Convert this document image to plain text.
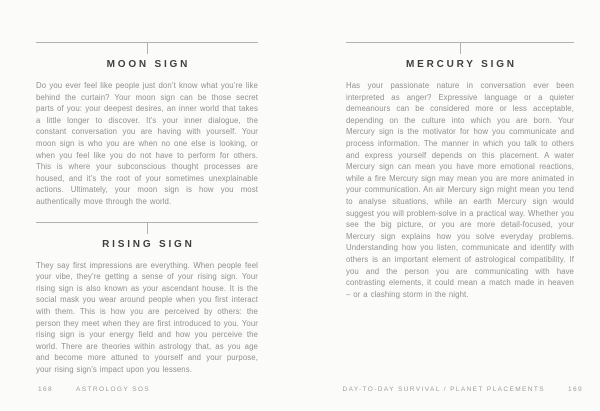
MOON SIGN

Do you ever feel like people just don’t know what you’re like behind the curtain? Your moon sign can be those secret parts of you: your deepest desires, an inner world that takes a little longer to discover. It’s your inner dialogue, the constant conversation you are having with yourself. Your moon sign is who you are when no one else is looking, or when you feel like you do not have to perform for others. This is where your subconscious thought processes are housed, and it’s the root of your sometimes unexplainable actions. Ultimately, your moon sign is how you most authentically move through the world.

RISING SIGN

They say first impressions are everything. When people feel your vibe, they’re getting a sense of your rising sign. Your rising sign is also known as your ascendant house. It is the social mask you wear around people when you first interact with them. This is how you are perceived by others: the person they meet when they are first introduced to you. Your rising sign is your energy field and how you perceive the world. There are theories within astrology that, as you age and become more attuned to yourself and your purpose, your rising sign’s impact upon you lessens.

MERCURY SIGN

Has your passionate nature in conversation ever been interpreted as anger? Expressive language or a quieter demeanours can be considered more or less acceptable, depending on the culture into which you are born. Your Mercury sign is the motivator for how you communicate and process information. The manner in which you talk to others and express yourself depends on this placement. A water Mercury sign can mean you have more emotional reactions, while a fire Mercury sign may mean you are more animated in your communication. An air Mercury sign might mean you tend to analyse situations, while an earth Mercury sign would suggest you will problem-solve in a practical way. Whether you see the big picture, or you are more detail-focused, your Mercury sign explains how you solve everyday problems. Understanding how you listen, communicate and identify with others is an important element of astrological compatibility. If you and the person you are communicating with have contrasting elements, it could mean a match made in heaven – or a clashing storm in the night.

168	ASTROLOGY SOS	DAY-TO-DAY SURVIVAL / PLANET PLACEMENTS	169
